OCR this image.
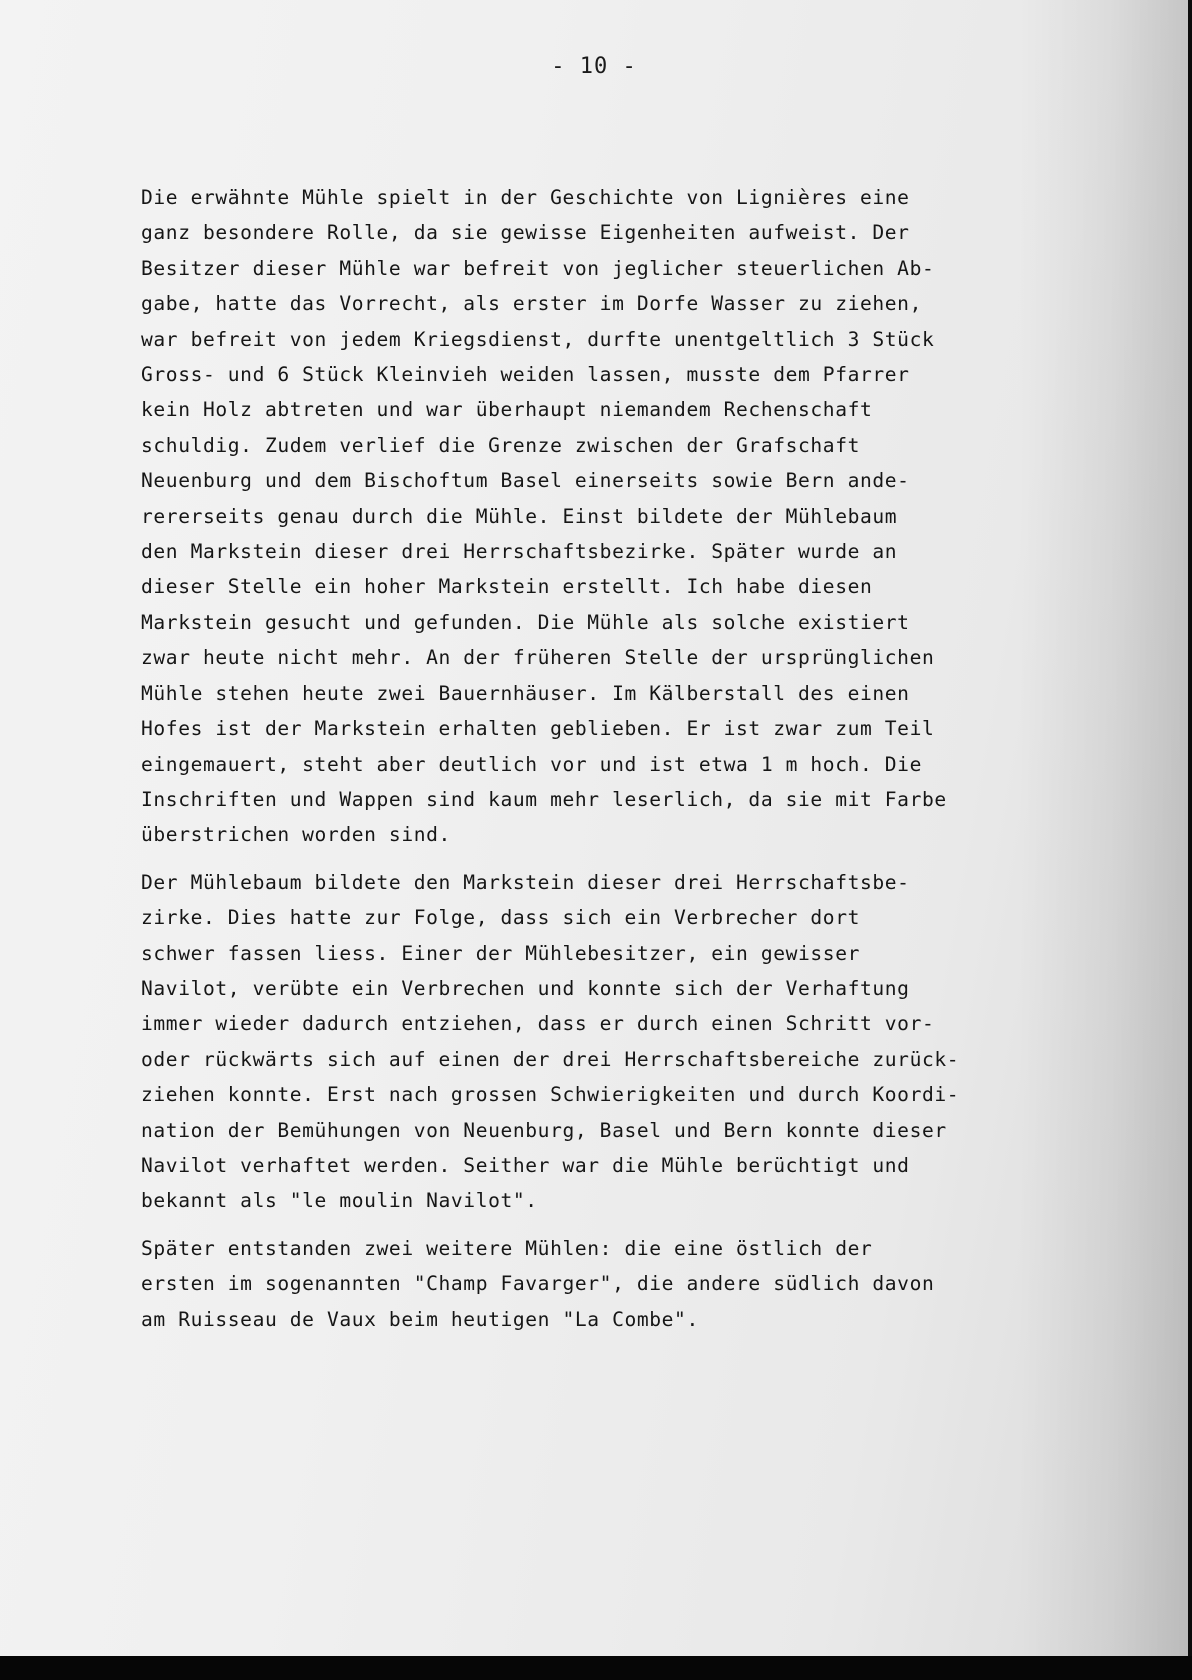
- 10 -

Die erwähnte Mühle spielt in der Geschichte von Lignières eine
ganz besondere Rolle, da sie gewisse Eigenheiten aufweist. Der
Besitzer dieser Mühle war befreit von jeglicher steuerlichen Ab-
gabe, hatte das Vorrecht, als erster im Dorfe Wasser zu ziehen,
war befreit von jedem Kriegsdienst, durfte unentgeltlich 3 Stück
Gross- und 6 Stück Kleinvieh weiden lassen, musste dem Pfarrer
kein Holz abtreten und war überhaupt niemandem Rechenschaft
schuldig. Zudem verlief die Grenze zwischen der Grafschaft
Neuenburg und dem Bischoftum Basel einerseits sowie Bern ande-
rererseits genau durch die Mühle. Einst bildete der Mühlebaum
den Markstein dieser drei Herrschaftsbezirke. Später wurde an
dieser Stelle ein hoher Markstein erstellt. Ich habe diesen
Markstein gesucht und gefunden. Die Mühle als solche existiert
zwar heute nicht mehr. An der früheren Stelle der ursprünglichen
Mühle stehen heute zwei Bauernhäuser. Im Kälberstall des einen
Hofes ist der Markstein erhalten geblieben. Er ist zwar zum Teil
eingemauert, steht aber deutlich vor und ist etwa 1 m hoch. Die
Inschriften und Wappen sind kaum mehr leserlich, da sie mit Farbe
überstrichen worden sind.

Der Mühlebaum bildete den Markstein dieser drei Herrschaftsbe-
zirke. Dies hatte zur Folge, dass sich ein Verbrecher dort
schwer fassen liess. Einer der Mühlebesitzer, ein gewisser
Navilot, verübte ein Verbrechen und konnte sich der Verhaftung
immer wieder dadurch entziehen, dass er durch einen Schritt vor-
oder rückwärts sich auf einen der drei Herrschaftsbereiche zurück-
ziehen konnte. Erst nach grossen Schwierigkeiten und durch Koordi-
nation der Bemühungen von Neuenburg, Basel und Bern konnte dieser
Navilot verhaftet werden. Seither war die Mühle berüchtigt und
bekannt als "le moulin Navilot".

Später entstanden zwei weitere Mühlen: die eine östlich der
ersten im sogenannten "Champ Favarger", die andere südlich davon
am Ruisseau de Vaux beim heutigen "La Combe".
